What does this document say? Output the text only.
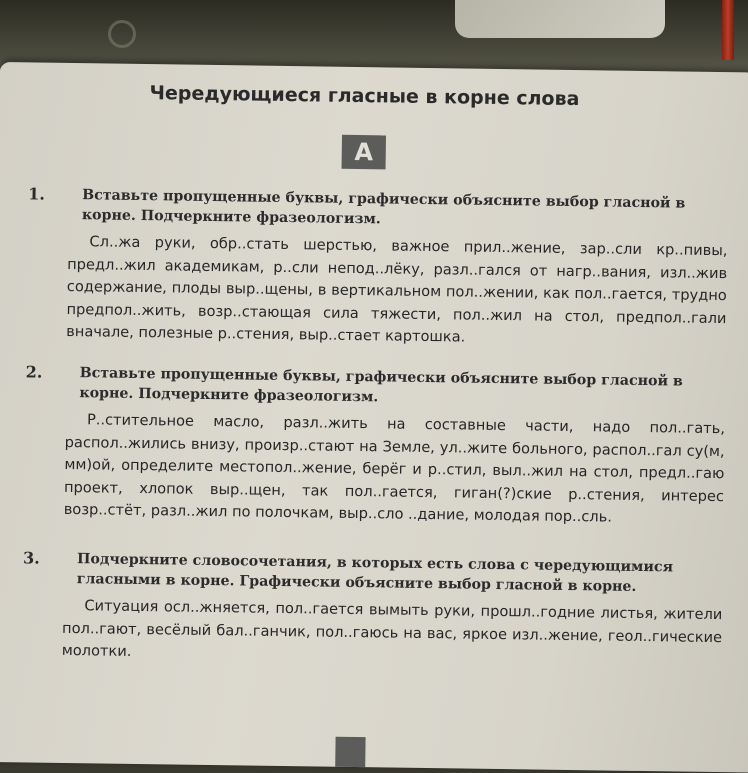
Чередующиеся гласные в корне слова
А
1.	Вставьте пропущенные буквы, графически объясните выбор гласной в корне. Подчеркните фразеологизм.

Сл..жа руки, обр..стать шерстью, важное прил..жение, зар..сли кр..пивы, предл..жил академикам, р..сли непод..лёку, разл..гался от нагр..вания, изл..жив содержание, плоды выр..щены, в вертикальном пол..жении, как пол..гается, трудно предпол..жить, возр..стающая сила тяжести, пол..жил на стол, предпол..гали вначале, полезные р..стения, выр..стает картошка.

2.	Вставьте пропущенные буквы, графически объясните выбор гласной в корне. Подчеркните фразеологизм.

Р..стительное масло, разл..жить на составные части, надо пол..гать, распол..жились внизу, произр..стают на Земле, ул..жите больного, распол..гал су(м, мм)ой, определите местопол..жение, берёг и р..стил, выл..жил на стол, предл..гаю проект, хлопок выр..щен, так пол..гается, гиган(?)ские р..стения, интерес возр..стёт, разл..жил по полочкам, выр..сло ..дание, молодая пор..сль.

3.	Подчеркните словосочетания, в которых есть слова с чередующимися гласными в корне. Графически объясните выбор гласной в корне.

Ситуация осл..жняется, пол..гается вымыть руки, прошл..годние листья, жители пол..гают, весёлый бал..ганчик, пол..гаюсь на вас, яркое изл..жение, геол..гические молотки.
